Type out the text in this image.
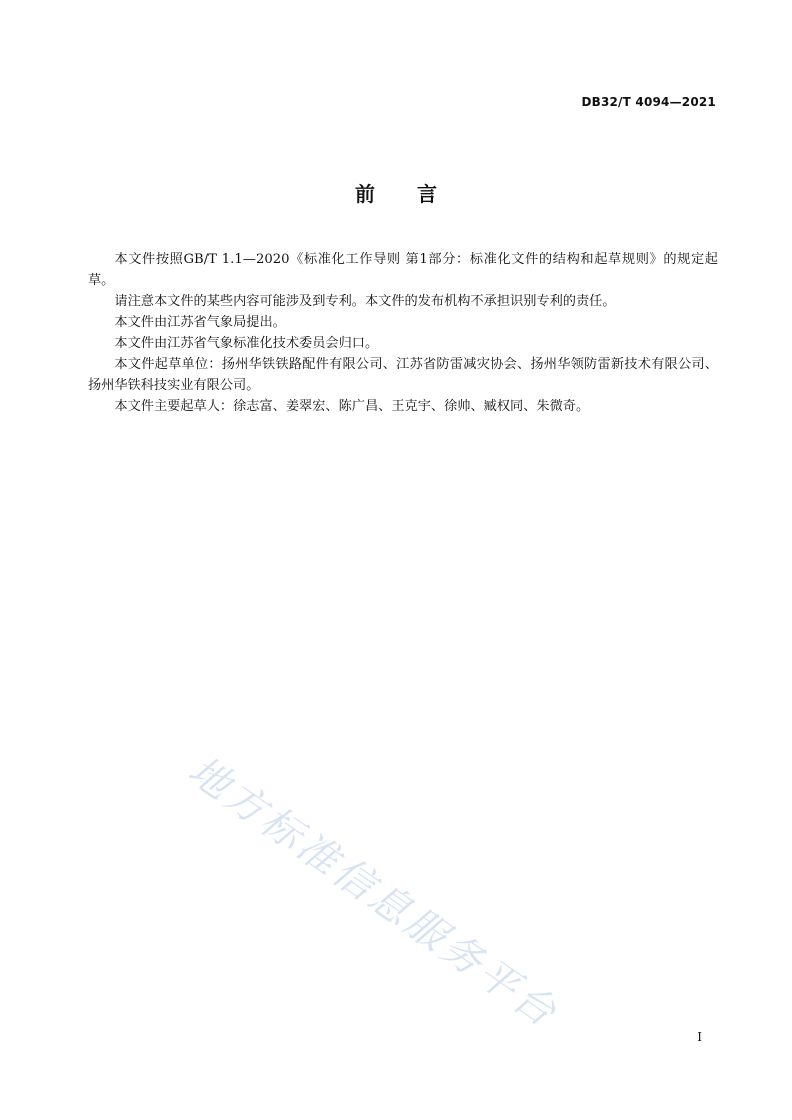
DB32/T 4094—2021
前言

本文件按照GB/T 1.1—2020《标准化工作导则 第1部分：标准化文件的结构和起草规则》的规定起草。

请注意本文件的某些内容可能涉及到专利。本文件的发布机构不承担识别专利的责任。

本文件由江苏省气象局提出。

本文件由江苏省气象标准化技术委员会归口。

本文件起草单位：扬州华铁铁路配件有限公司、江苏省防雷减灾协会、扬州华领防雷新技术有限公司、扬州华铁科技实业有限公司。

本文件主要起草人：徐志富、姜翠宏、陈广昌、王克宇、徐帅、臧权同、朱微奇。

地方标准信息服务平台	I
